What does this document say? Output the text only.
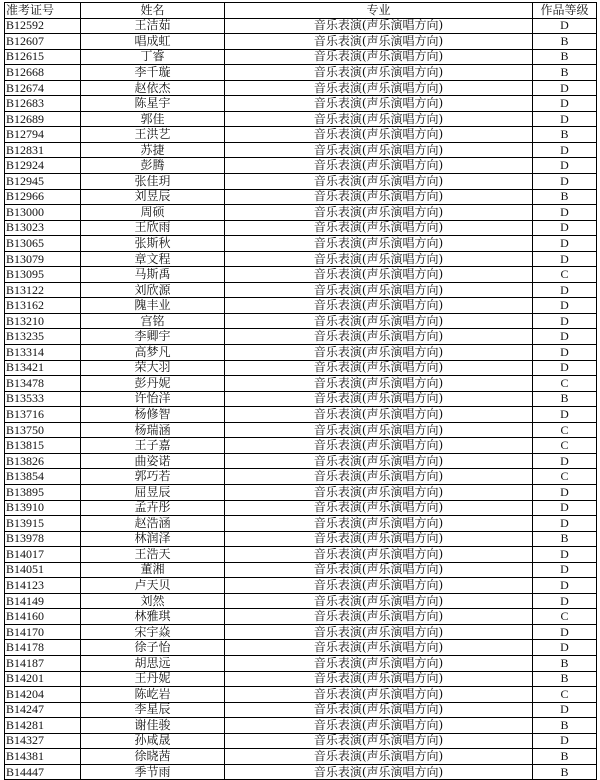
准考证号	姓名	专业	作品等级
B12592	王洁茹	音乐表演(声乐演唱方向)	D
B12607	唱成虹	音乐表演(声乐演唱方向)	B
B12615	丁睿	音乐表演(声乐演唱方向)	B
B12668	李千璇	音乐表演(声乐演唱方向)	B
B12674	赵依杰	音乐表演(声乐演唱方向)	D
B12683	陈星宇	音乐表演(声乐演唱方向)	D
B12689	郭佳	音乐表演(声乐演唱方向)	D
B12794	王洪艺	音乐表演(声乐演唱方向)	B
B12831	苏捷	音乐表演(声乐演唱方向)	D
B12924	彭腾	音乐表演(声乐演唱方向)	D
B12945	张佳玥	音乐表演(声乐演唱方向)	D
B12966	刘昱辰	音乐表演(声乐演唱方向)	B
B13000	周硕	音乐表演(声乐演唱方向)	D
B13023	王欣雨	音乐表演(声乐演唱方向)	D
B13065	张斯秋	音乐表演(声乐演唱方向)	D
B13079	章文程	音乐表演(声乐演唱方向)	D
B13095	马斯禹	音乐表演(声乐演唱方向)	C
B13122	刘欣源	音乐表演(声乐演唱方向)	D
B13162	隗丰业	音乐表演(声乐演唱方向)	D
B13210	宫铭	音乐表演(声乐演唱方向)	D
B13235	李卿宇	音乐表演(声乐演唱方向)	D
B13314	高梦凡	音乐表演(声乐演唱方向)	D
B13421	荣大羽	音乐表演(声乐演唱方向)	D
B13478	彭丹妮	音乐表演(声乐演唱方向)	C
B13533	许怡洋	音乐表演(声乐演唱方向)	B
B13716	杨修智	音乐表演(声乐演唱方向)	D
B13750	杨瑞涵	音乐表演(声乐演唱方向)	C
B13815	王子嘉	音乐表演(声乐演唱方向)	C
B13826	曲姿诺	音乐表演(声乐演唱方向)	D
B13854	郭巧若	音乐表演(声乐演唱方向)	C
B13895	屈昱辰	音乐表演(声乐演唱方向)	D
B13910	孟卉彤	音乐表演(声乐演唱方向)	D
B13915	赵浩涵	音乐表演(声乐演唱方向)	D
B13978	林润泽	音乐表演(声乐演唱方向)	B
B14017	王浩天	音乐表演(声乐演唱方向)	D
B14051	董湘	音乐表演(声乐演唱方向)	D
B14123	卢天贝	音乐表演(声乐演唱方向)	D
B14149	刘然	音乐表演(声乐演唱方向)	D
B14160	林雅琪	音乐表演(声乐演唱方向)	C
B14170	宋宇焱	音乐表演(声乐演唱方向)	D
B14178	徐子怡	音乐表演(声乐演唱方向)	D
B14187	胡思远	音乐表演(声乐演唱方向)	B
B14201	王丹妮	音乐表演(声乐演唱方向)	B
B14204	陈屹岩	音乐表演(声乐演唱方向)	C
B14247	李星辰	音乐表演(声乐演唱方向)	D
B14281	谢佳骏	音乐表演(声乐演唱方向)	B
B14327	孙咸晟	音乐表演(声乐演唱方向)	D
B14381	徐晓茜	音乐表演(声乐演唱方向)	B
B14447	季节雨	音乐表演(声乐演唱方向)	B
